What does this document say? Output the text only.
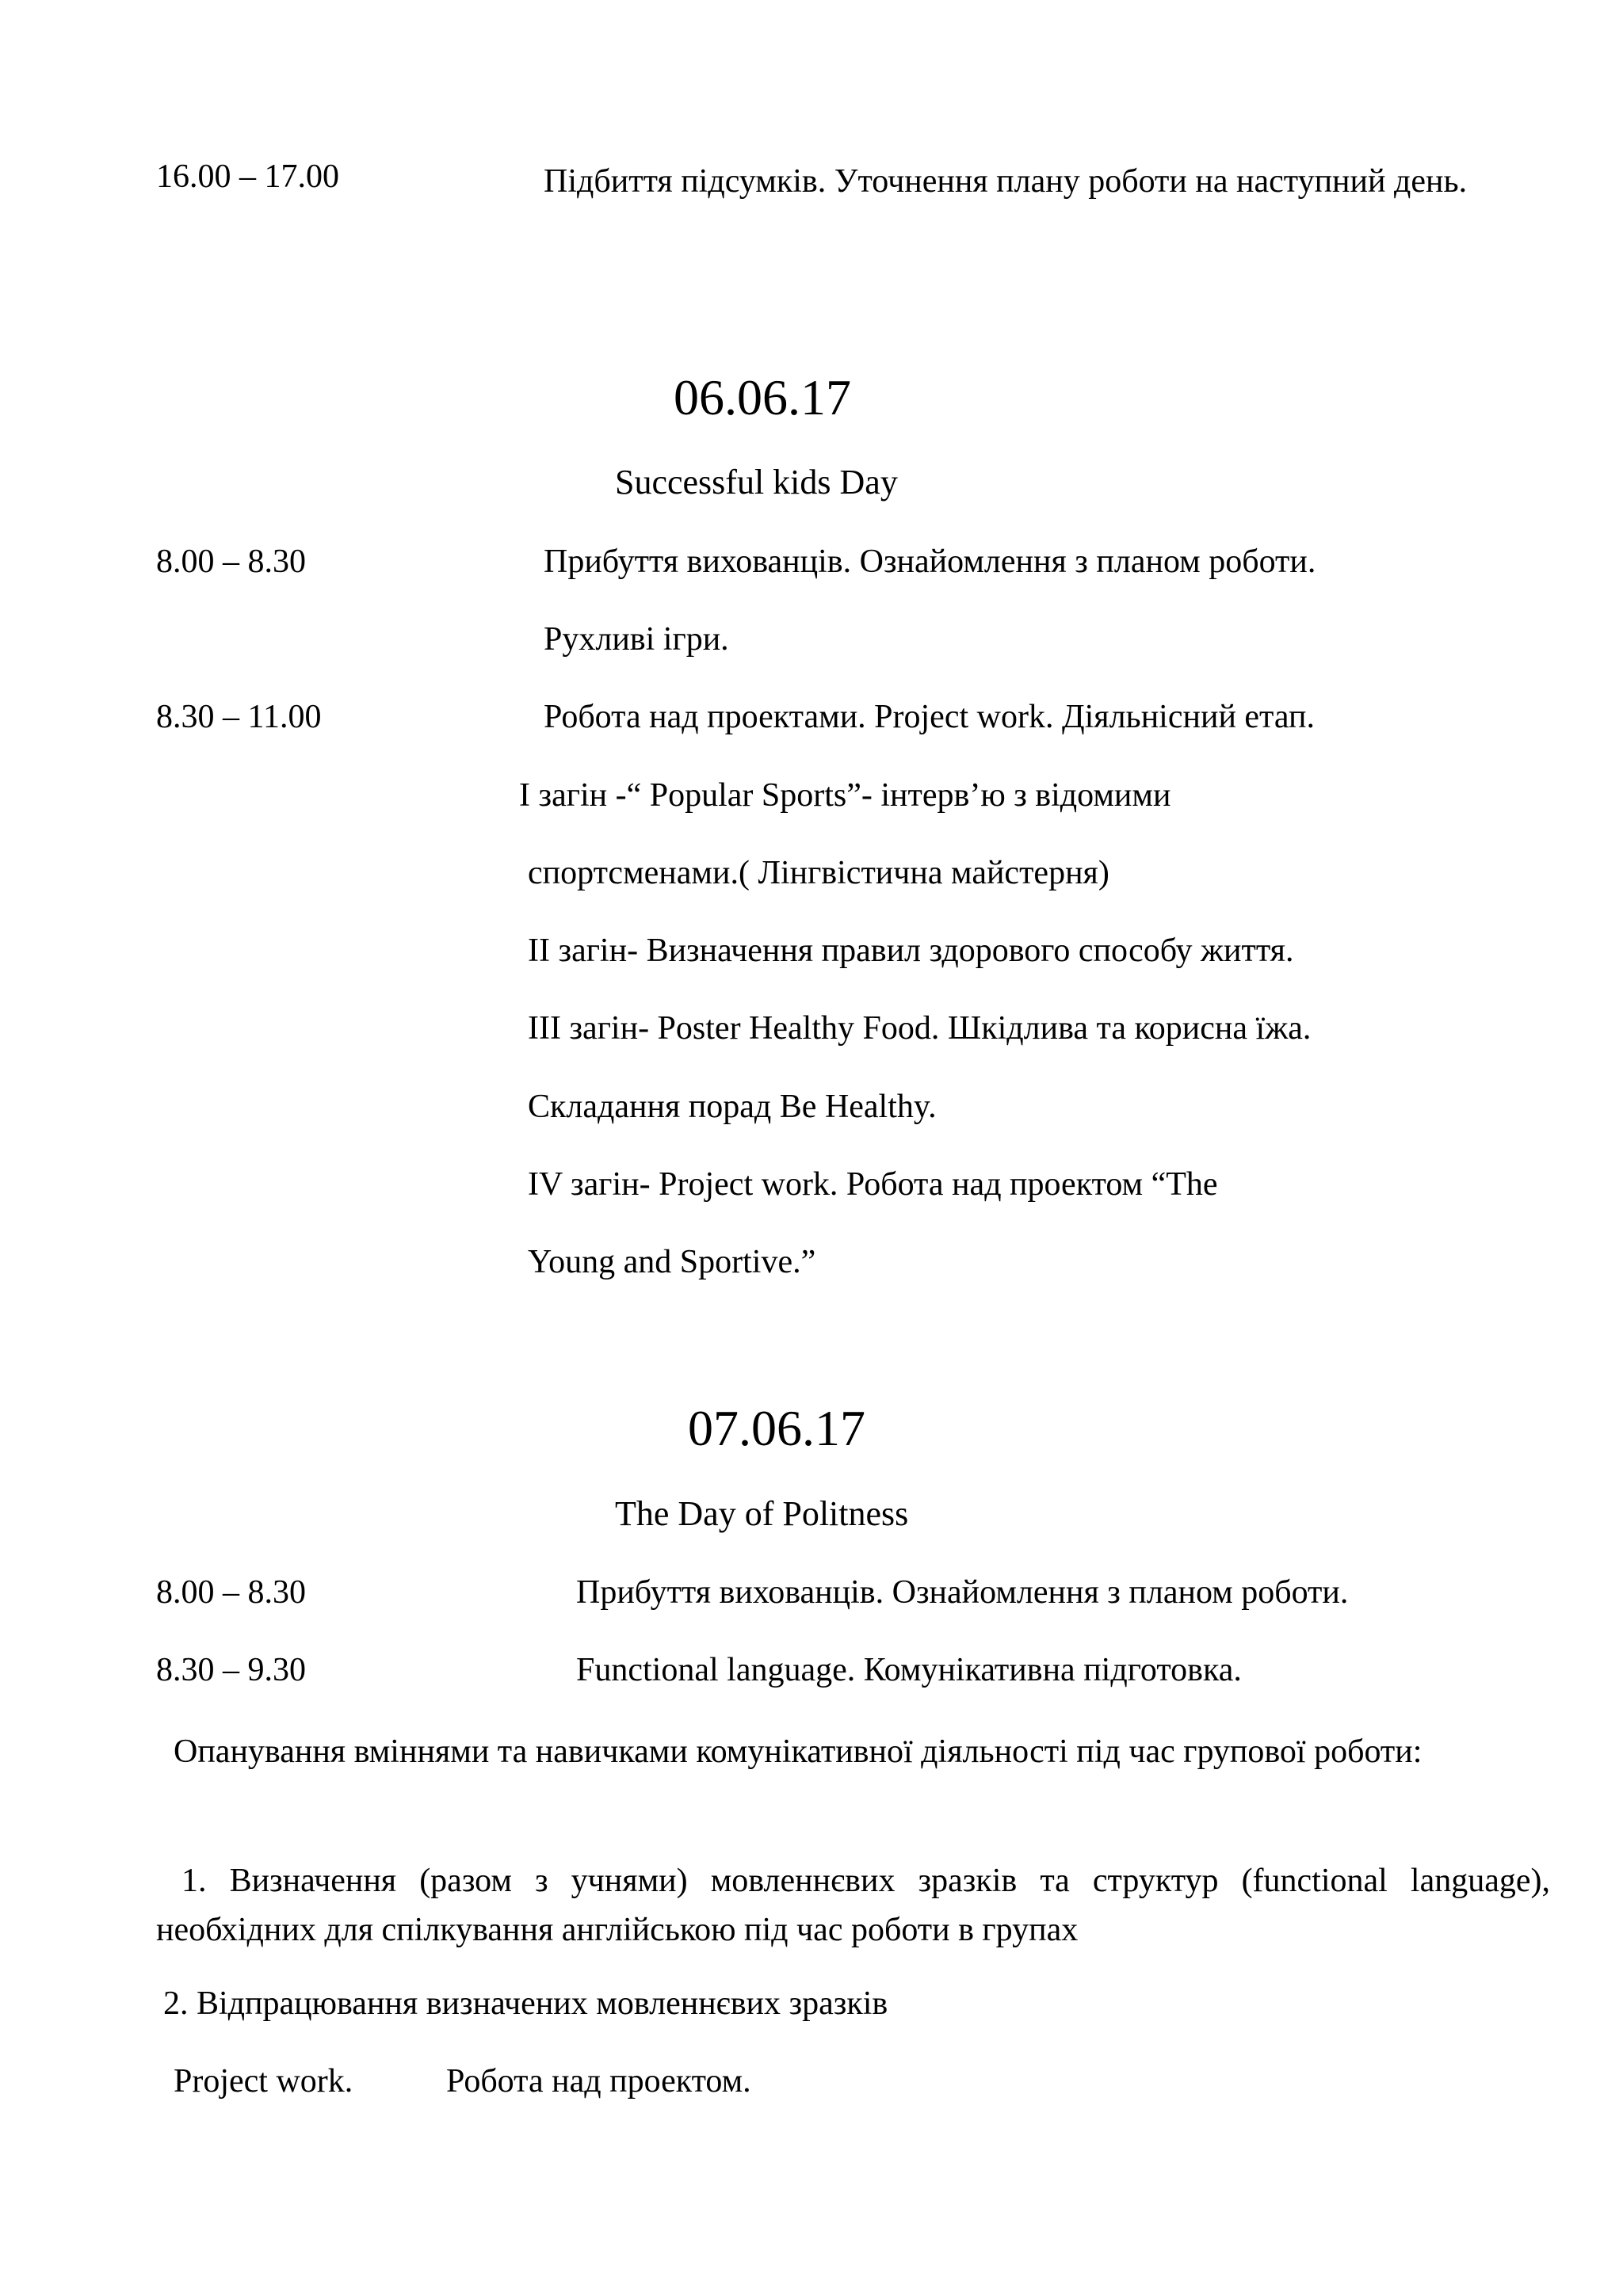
16.00 – 17.00	Підбиття підсумків. Уточнення плану роботи на наступний день.

06.06.17

Successful kids Day

8.00 – 8.30	Прибуття вихованців. Ознайомлення з планом роботи.

Рухливі ігри.

8.30 – 11.00	Робота над проектами. Project work. Діяльнісний етап.

I загін -“ Popular Sports”- інтерв’ю з відомими

спортсменами.( Лінгвістична майстерня)

II загін- Визначення правил здорового способу життя.

III загін- Poster Healthy Food. Шкідлива та корисна їжа.

Складання порад Be Healthy.

IV загін- Project work. Робота над проектом “The

Young and Sportive.”

07.06.17

The Day of Politness

8.00 – 8.30	Прибуття вихованців. Ознайомлення з планом роботи.

8.30 – 9.30	Functional language. Комунікативна підготовка.

Опанування вміннями та навичками комунікативної діяльності під час групової роботи:

1. Визначення (разом з учнями) мовленнєвих зразків та структур (functional language), необхідних для спілкування англійською під час роботи в групах

2. Відпрацювання визначених мовленнєвих зразків

Project work.	Робота над проектом.
